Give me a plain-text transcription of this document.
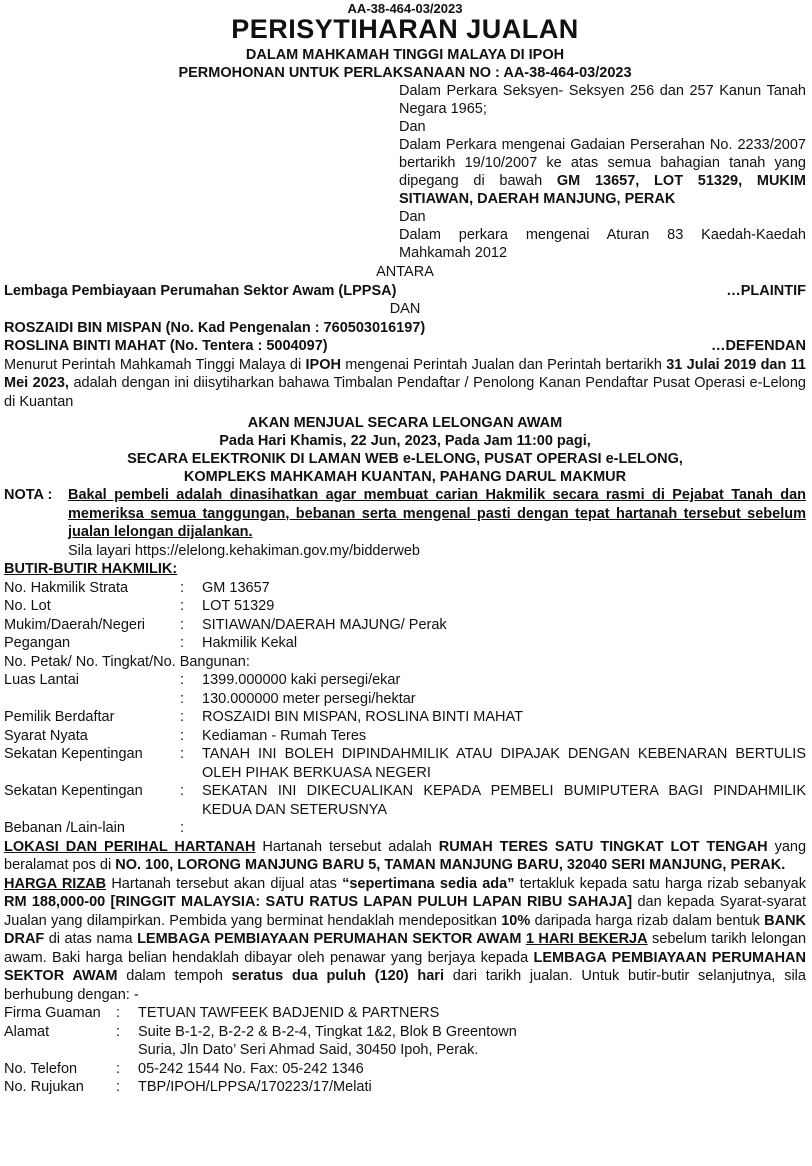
AA-38-464-03/2023
PERISYTIHARAN JUALAN
DALAM MAHKAMAH TINGGI MALAYA DI IPOH
PERMOHONAN UNTUK PERLAKSANAAN NO : AA-38-464-03/2023
Dalam Perkara Seksyen- Seksyen 256 dan 257 Kanun Tanah Negara 1965;
Dan
Dalam Perkara mengenai Gadaian Perserahan No. 2233/2007 bertarikh 19/10/2007 ke atas semua bahagian tanah yang dipegang di bawah GM 13657, LOT 51329, MUKIM SITIAWAN, DAERAH MANJUNG, PERAK
Dan
Dalam perkara mengenai Aturan 83 Kaedah-Kaedah Mahkamah 2012
ANTARA
Lembaga Pembiayaan Perumahan Sektor Awam (LPPSA)	…PLAINTIF
DAN
ROSZAIDI BIN MISPAN (No. Kad Pengenalan : 760503016197)
ROSLINA BINTI MAHAT (No. Tentera : 5004097)	…DEFENDAN
Menurut Perintah Mahkamah Tinggi Malaya di IPOH mengenai Perintah Jualan dan Perintah bertarikh 31 Julai 2019 dan 11 Mei 2023, adalah dengan ini diisytiharkan bahawa Timbalan Pendaftar / Penolong Kanan Pendaftar Pusat Operasi e-Lelong di Kuantan
AKAN MENJUAL SECARA LELONGAN AWAM
Pada Hari Khamis, 22 Jun, 2023, Pada Jam 11:00 pagi,
SECARA ELEKTRONIK DI LAMAN WEB e-LELONG, PUSAT OPERASI e-LELONG,
KOMPLEKS MAHKAMAH KUANTAN, PAHANG DARUL MAKMUR
NOTA :	Bakal pembeli adalah dinasihatkan agar membuat carian Hakmilik secara rasmi di Pejabat Tanah dan memeriksa semua tanggungan, bebanan serta mengenal pasti dengan tepat hartanah tersebut sebelum jualan lelongan dijalankan.
Sila layari https://elelong.kehakiman.gov.my/bidderweb
BUTIR-BUTIR HAKMILIK:
No. Hakmilik Strata	:	GM 13657
No. Lot	:	LOT 51329
Mukim/Daerah/Negeri	:	SITIAWAN/DAERAH MAJUNG/ Perak
Pegangan	:	Hakmilik Kekal
No. Petak/ No. Tingkat/No. Bangunan:
Luas Lantai	:	1399.000000 kaki persegi/ekar
	:	130.000000 meter persegi/hektar
Pemilik Berdaftar	:	ROSZAIDI BIN MISPAN, ROSLINA BINTI MAHAT
Syarat Nyata	:	Kediaman - Rumah Teres
Sekatan Kepentingan	:	TANAH INI BOLEH DIPINDAHMILIK ATAU DIPAJAK DENGAN KEBENARAN BERTULIS OLEH PIHAK BERKUASA NEGERI
Sekatan Kepentingan	:	SEKATAN INI DIKECUALIKAN KEPADA PEMBELI BUMIPUTERA BAGI PINDAHMILIK KEDUA DAN SETERUSNYA
Bebanan /Lain-lain	:	
LOKASI DAN PERIHAL HARTANAH Hartanah tersebut adalah RUMAH TERES SATU TINGKAT LOT TENGAH yang beralamat pos di NO. 100, LORONG MANJUNG BARU 5, TAMAN MANJUNG BARU, 32040 SERI MANJUNG, PERAK.
HARGA RIZAB Hartanah tersebut akan dijual atas “sepertimana sedia ada” tertakluk kepada satu harga rizab sebanyak RM 188,000-00 [RINGGIT MALAYSIA: SATU RATUS LAPAN PULUH LAPAN RIBU SAHAJA] dan kepada Syarat-syarat Jualan yang dilampirkan. Pembida yang berminat hendaklah mendepositkan 10% daripada harga rizab dalam bentuk BANK DRAF di atas nama LEMBAGA PEMBIAYAAN PERUMAHAN SEKTOR AWAM 1 HARI BEKERJA sebelum tarikh lelongan awam. Baki harga belian hendaklah dibayar oleh penawar yang berjaya kepada LEMBAGA PEMBIAYAAN PERUMAHAN SEKTOR AWAM dalam tempoh seratus dua puluh (120) hari dari tarikh jualan. Untuk butir-butir selanjutnya, sila berhubung dengan: -
Firma Guaman	:	TETUAN TAWFEEK BADJENID & PARTNERS
Alamat	:	Suite B-1-2, B-2-2 & B-2-4, Tingkat 1&2, Blok B Greentown
		Suria, Jln Dato’ Seri Ahmad Said, 30450 Ipoh, Perak.
No. Telefon	:	05-242 1544 No. Fax: 05-242 1346
No. Rujukan	:	TBP/IPOH/LPPSA/170223/17/Melati
